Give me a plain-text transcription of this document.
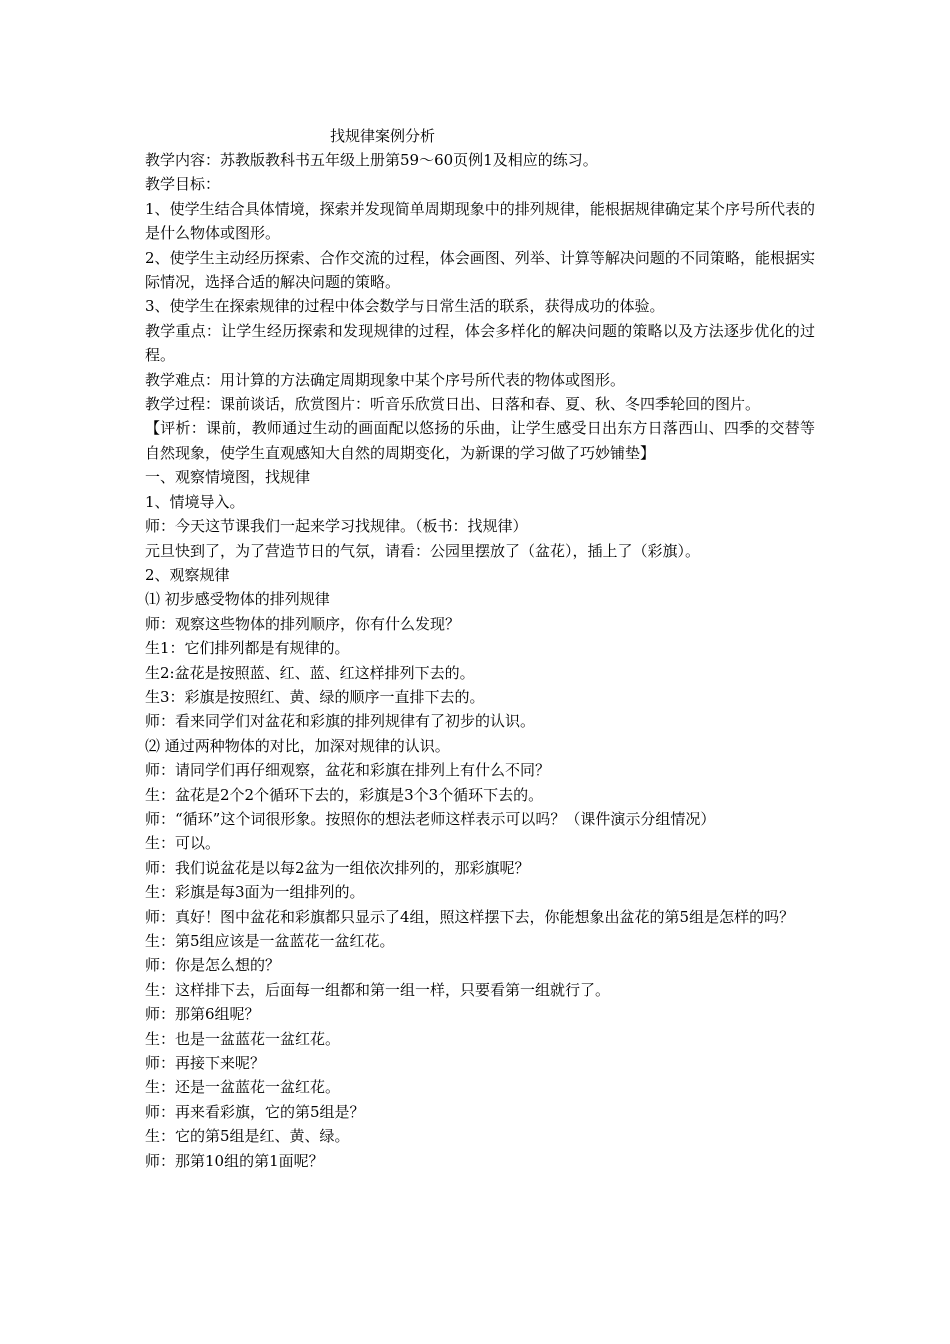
找规律案例分析

教学内容：苏教版教科书五年级上册第59～60页例1及相应的练习。

教学目标：

1、使学生结合具体情境，探索并发现简单周期现象中的排列规律，能根据规律确定某个序号所代表的是什么物体或图形。

2、使学生主动经历探索、合作交流的过程，体会画图、列举、计算等解决问题的不同策略，能根据实际情况，选择合适的解决问题的策略。

3、使学生在探索规律的过程中体会数学与日常生活的联系，获得成功的体验。

教学重点：让学生经历探索和发现规律的过程，体会多样化的解决问题的策略以及方法逐步优化的过程。

教学难点：用计算的方法确定周期现象中某个序号所代表的物体或图形。

教学过程：课前谈话，欣赏图片：听音乐欣赏日出、日落和春、夏、秋、冬四季轮回的图片。

【评析：课前，教师通过生动的画面配以悠扬的乐曲，让学生感受日出东方日落西山、四季的交替等自然现象，使学生直观感知大自然的周期变化，为新课的学习做了巧妙铺垫】

一、观察情境图，找规律

1、情境导入。

师：今天这节课我们一起来学习找规律。（板书：找规律）

元旦快到了，为了营造节日的气氛，请看：公园里摆放了（盆花），插上了（彩旗）。

2、观察规律

⑴ 初步感受物体的排列规律

师：观察这些物体的排列顺序，你有什么发现？

生1：它们排列都是有规律的。

生2:盆花是按照蓝、红、蓝、红这样排列下去的。

生3：彩旗是按照红、黄、绿的顺序一直排下去的。

师：看来同学们对盆花和彩旗的排列规律有了初步的认识。

⑵ 通过两种物体的对比，加深对规律的认识。

师：请同学们再仔细观察，盆花和彩旗在排列上有什么不同？

生：盆花是2个2个循环下去的，彩旗是3个3个循环下去的。

师：“循环”这个词很形象。按照你的想法老师这样表示可以吗？（课件演示分组情况）

生：可以。

师：我们说盆花是以每2盆为一组依次排列的，那彩旗呢？

生：彩旗是每3面为一组排列的。

师：真好！图中盆花和彩旗都只显示了4组，照这样摆下去，你能想象出盆花的第5组是怎样的吗？

生：第5组应该是一盆蓝花一盆红花。

师：你是怎么想的？

生：这样排下去，后面每一组都和第一组一样，只要看第一组就行了。

师：那第6组呢？

生：也是一盆蓝花一盆红花。

师：再接下来呢？

生：还是一盆蓝花一盆红花。

师：再来看彩旗，它的第5组是？

生：它的第5组是红、黄、绿。

师：那第10组的第1面呢？
